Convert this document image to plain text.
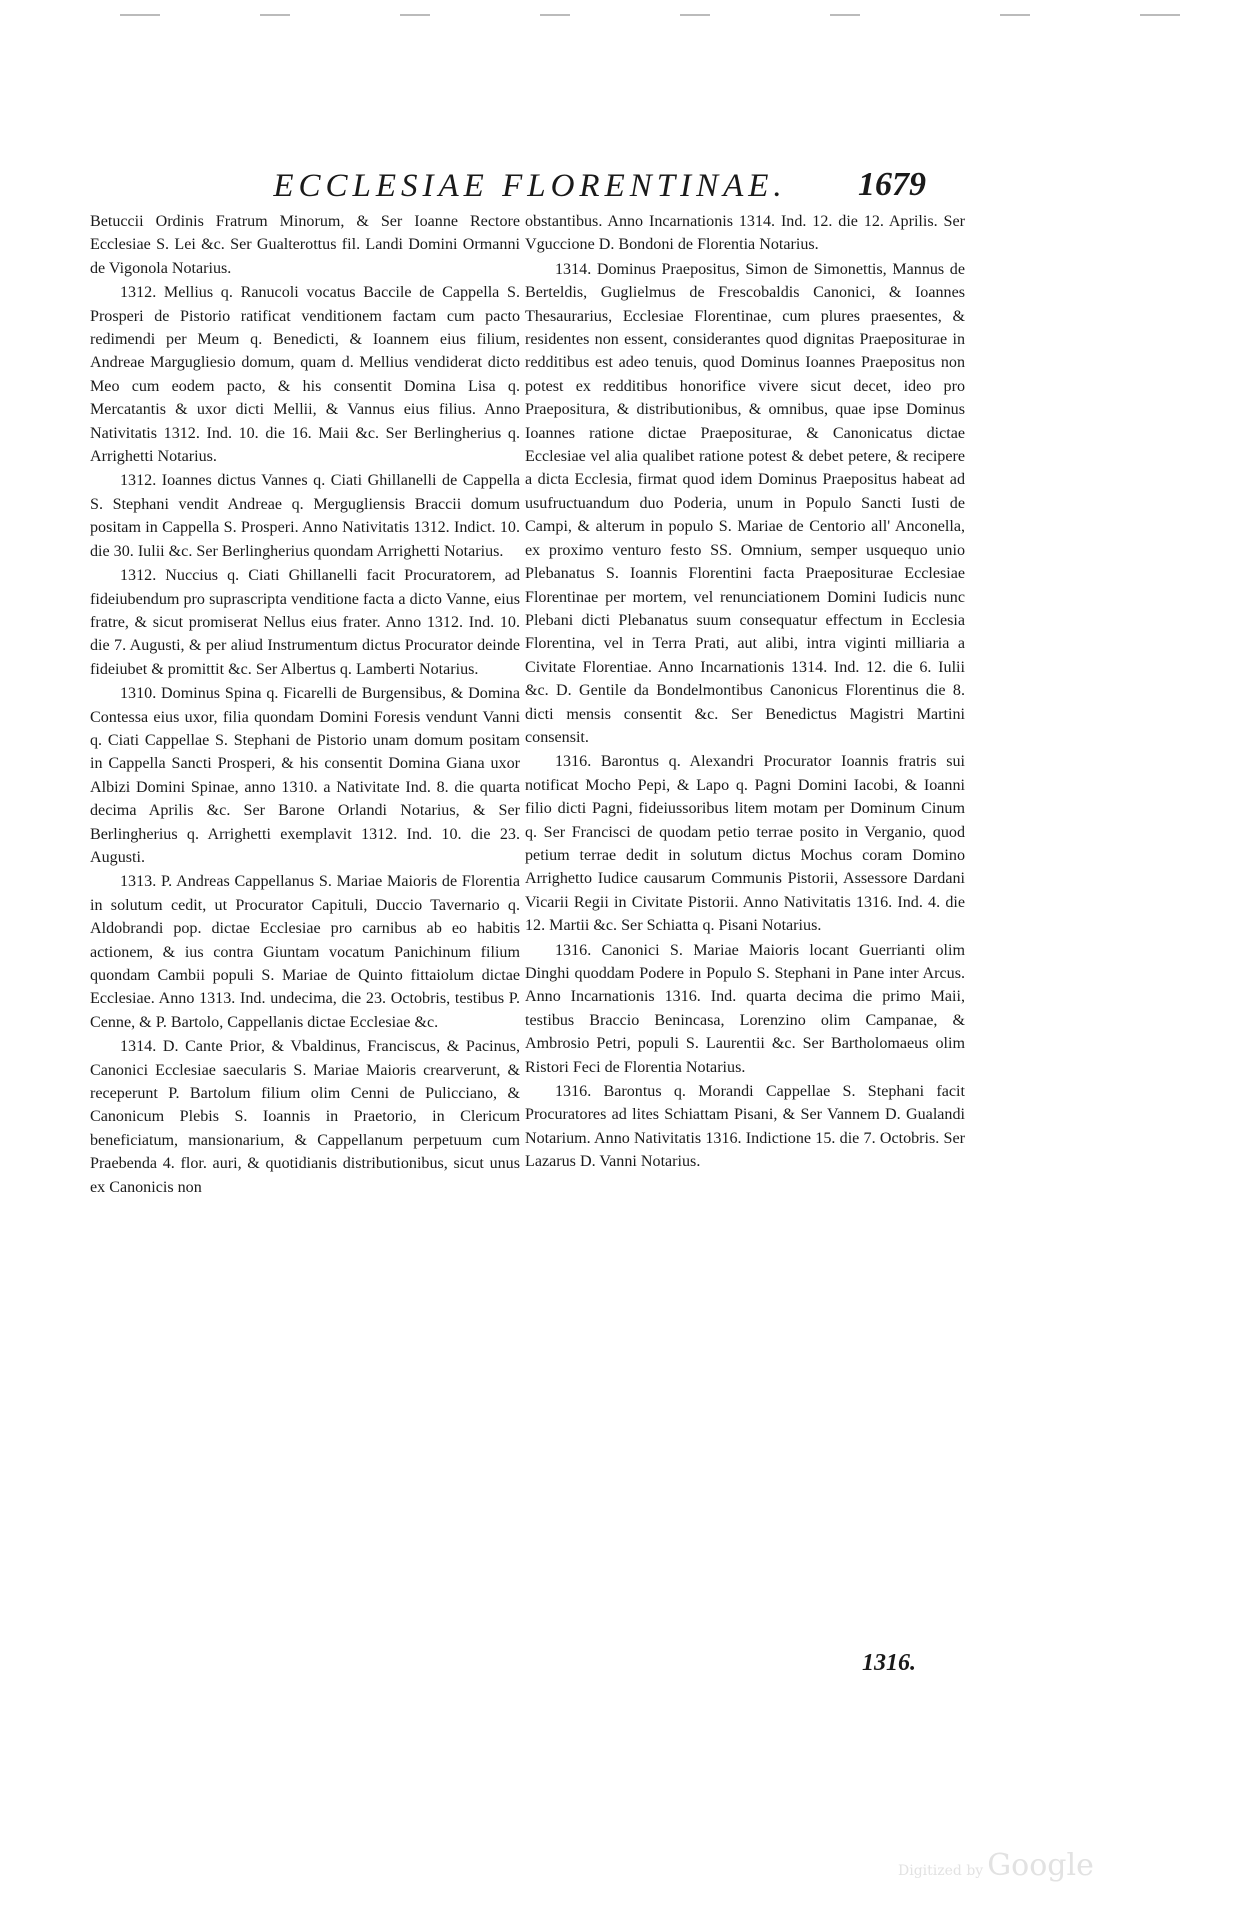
ECCLESIAE FLORENTINAE. 1679

Betuccii Ordinis Fratrum Minorum, & Ser Ioanne Rectore Ecclesiae S. Lei &c. Ser Gualterottus fil. Landi Domini Ormanni de Vigonola Notarius.

1312. Mellius q. Ranucoli vocatus Baccile de Cappella S. Prosperi de Pistorio ratificat venditionem factam cum pacto redimendi per Meum q. Benedicti, & Ioannem eius filium, Andreae Margugliesio domum, quam d. Mellius vendiderat dicto Meo cum eodem pacto, & his consentit Domina Lisa q. Mercatantis & uxor dicti Mellii, & Vannus eius filius. Anno Nativitatis 1312. Ind. 10. die 16. Maii &c. Ser Berlingherius q. Arrighetti Notarius.

1312. Ioannes dictus Vannes q. Ciati Ghillanelli de Cappella S. Stephani vendit Andreae q. Mergugliensis Braccii domum positam in Cappella S. Prosperi. Anno Nativitatis 1312. Indict. 10. die 30. Iulii &c. Ser Berlingherius quondam Arrighetti Notarius.

1312. Nuccius q. Ciati Ghillanelli facit Procuratorem, ad fideiubendum pro suprascripta venditione facta a dicto Vanne, eius fratre, & sicut promiserat Nellus eius frater. Anno 1312. Ind. 10. die 7. Augusti, & per aliud Instrumentum dictus Procurator deinde fideiubet & promittit &c. Ser Albertus q. Lamberti Notarius.

1310. Dominus Spina q. Ficarelli de Burgensibus, & Domina Contessa eius uxor, filia quondam Domini Foresis vendunt Vanni q. Ciati Cappellae S. Stephani de Pistorio unam domum positam in Cappella Sancti Prosperi, & his consentit Domina Giana uxor Albizi Domini Spinae, anno 1310. a Nativitate Ind. 8. die quarta decima Aprilis &c. Ser Barone Orlandi Notarius, & Ser Berlingherius q. Arrighetti exemplavit 1312. Ind. 10. die 23. Augusti.

1313. P. Andreas Cappellanus S. Mariae Maioris de Florentia in solutum cedit, ut Procurator Capituli, Duccio Tavernario q. Aldobrandi pop. dictae Ecclesiae pro carnibus ab eo habitis actionem, & ius contra Giuntam vocatum Panichinum filium quondam Cambii populi S. Mariae de Quinto fittaiolum dictae Ecclesiae. Anno 1313. Ind. undecima, die 23. Octobris, testibus P. Cenne, & P. Bartolo, Cappellanis dictae Ecclesiae &c.

1314. D. Cante Prior, & Vbaldinus, Franciscus, & Pacinus, Canonici Ecclesiae saecularis S. Mariae Maioris crearverunt, & receperunt P. Bartolum filium olim Cenni de Pulicciano, & Canonicum Plebis S. Ioannis in Praetorio, in Clericum beneficiatum, mansionarium, & Cappellanum perpetuum cum Praebenda 4. flor. auri, & quotidianis distributionibus, sicut unus ex Canonicis non

obstantibus. Anno Incarnationis 1314. Ind. 12. die 12. Aprilis. Ser Vguccione D. Bondoni de Florentia Notarius.

1314. Dominus Praepositus, Simon de Simonettis, Mannus de Berteldis, Guglielmus de Frescobaldis Canonici, & Ioannes Thesaurarius, Ecclesiae Florentinae, cum plures praesentes, & residentes non essent, considerantes quod dignitas Praepositurae in redditibus est adeo tenuis, quod Dominus Ioannes Praepositus non potest ex redditibus honorifice vivere sicut decet, ideo pro Praepositura, & distributionibus, & omnibus, quae ipse Dominus Ioannes ratione dictae Praepositurae, & Canonicatus dictae Ecclesiae vel alia qualibet ratione potest & debet petere, & recipere a dicta Ecclesia, firmat quod idem Dominus Praepositus habeat ad usufructuandum duo Poderia, unum in Populo Sancti Iusti de Campi, & alterum in populo S. Mariae de Centorio all' Anconella, ex proximo venturo festo SS. Omnium, semper usquequo unio Plebanatus S. Ioannis Florentini facta Praepositurae Ecclesiae Florentinae per mortem, vel renunciationem Domini Iudicis nunc Plebani dicti Plebanatus suum consequatur effectum in Ecclesia Florentina, vel in Terra Prati, aut alibi, intra viginti milliaria a Civitate Florentiae. Anno Incarnationis 1314. Ind. 12. die 6. Iulii &c. D. Gentile da Bondelmontibus Canonicus Florentinus die 8. dicti mensis consentit &c. Ser Benedictus Magistri Martini consensit.

1316. Barontus q. Alexandri Procurator Ioannis fratris sui notificat Mocho Pepi, & Lapo q. Pagni Domini Iacobi, & Ioanni filio dicti Pagni, fideiussoribus litem motam per Dominum Cinum q. Ser Francisci de quodam petio terrae posito in Verganio, quod petium terrae dedit in solutum dictus Mochus coram Domino Arrighetto Iudice causarum Communis Pistorii, Assessore Dardani Vicarii Regii in Civitate Pistorii. Anno Nativitatis 1316. Ind. 4. die 12. Martii &c. Ser Schiatta q. Pisani Notarius.

1316. Canonici S. Mariae Maioris locant Guerrianti olim Dinghi quoddam Podere in Populo S. Stephani in Pane inter Arcus. Anno Incarnationis 1316. Ind. quarta decima die primo Maii, testibus Braccio Benincasa, Lorenzino olim Campanae, & Ambrosio Petri, populi S. Laurentii &c. Ser Bartholomaeus olim Ristori Feci de Florentia Notarius.

1316. Barontus q. Morandi Cappellae S. Stephani facit Procuratores ad lites Schiattam Pisani, & Ser Vannem D. Gualandi Notarium. Anno Nativitatis 1316. Indictione 15. die 7. Octobris. Ser Lazarus D. Vanni Notarius.

1316.
Digitized by Google
